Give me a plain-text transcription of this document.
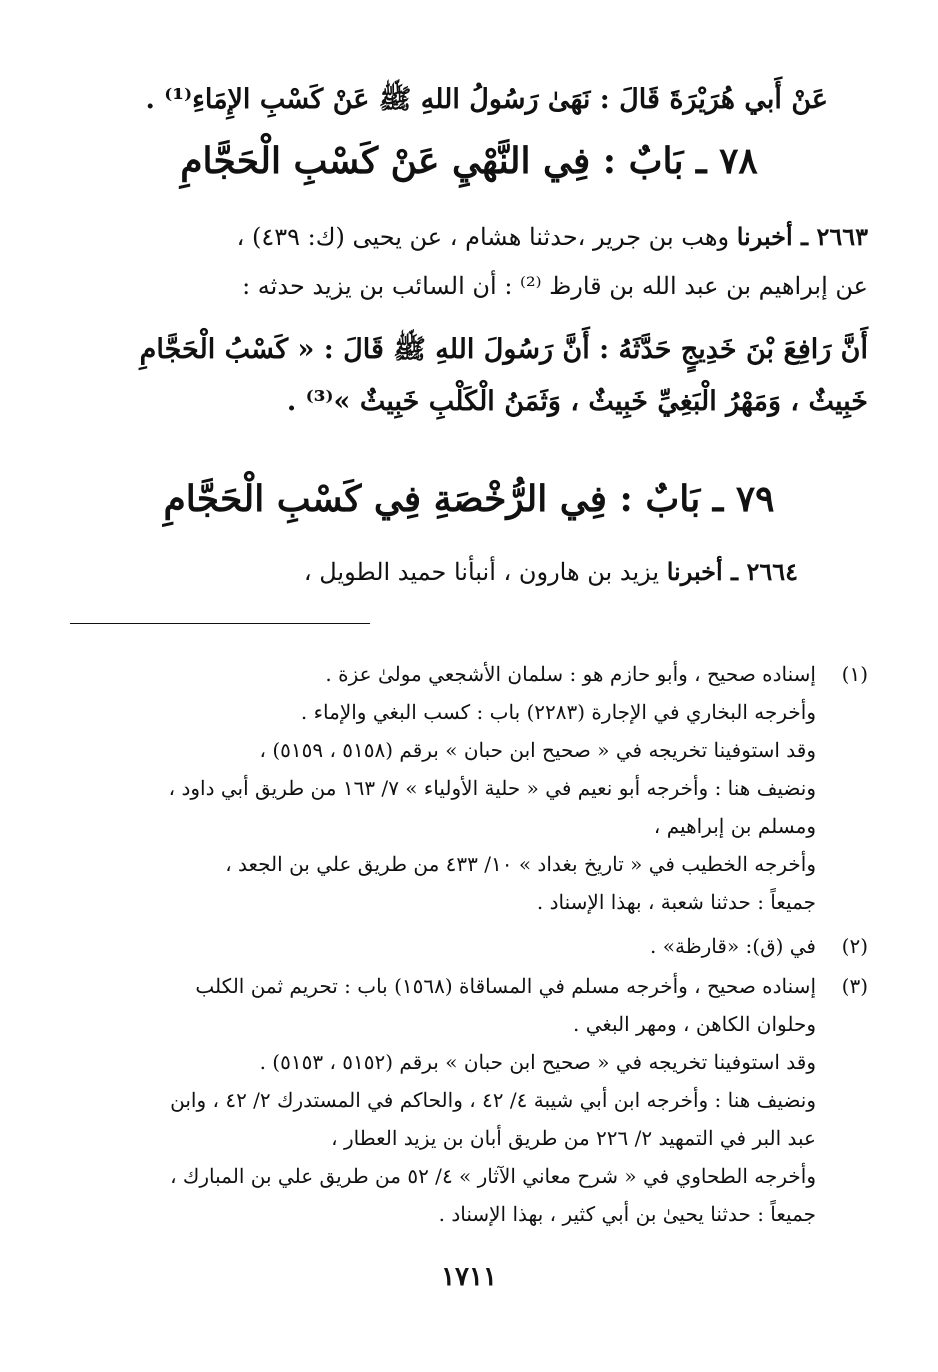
عَنْ أَبي هُرَيْرَةَ قَالَ : نَهَىٰ رَسُولُ اللهِ ﷺ عَنْ كَسْبِ الإِمَاءِ⁽¹⁾ .
٧٨ ـ بَابٌ : فِي النَّهْيِ عَنْ كَسْبِ الْحَجَّامِ
٢٦٦٣ ـ أخبرنا وهب بن جرير ،حدثنا هشام ، عن يحيى (ك: ٤٣٩) ،
عن إبراهيم بن عبد الله بن قارظ ⁽²⁾ : أن السائب بن يزيد حدثه :
أَنَّ رَافِعَ بْنَ خَدِيجٍ حَدَّثَهُ : أَنَّ رَسُولَ اللهِ ﷺ قَالَ : « كَسْبُ الْحَجَّامِ
خَبِيثٌ ، وَمَهْرُ الْبَغِيِّ خَبِيثٌ ، وَثَمَنُ الْكَلْبِ خَبِيثٌ »⁽³⁾ .
٧٩ ـ بَابٌ : فِي الرُّخْصَةِ فِي كَسْبِ الْحَجَّامِ
٢٦٦٤ ـ أخبرنا يزيد بن هارون ، أنبأنا حميد الطويل ،
(١)
إسناده صحيح ، وأبو حازم هو : سلمان الأشجعي مولىٰ عزة .
وأخرجه البخاري في الإجارة (٢٢٨٣) باب : كسب البغي والإماء .
وقد استوفينا تخريجه في « صحيح ابن حبان » برقم (٥١٥٨ ، ٥١٥٩) ،
ونضيف هنا : وأخرجه أبو نعيم في « حلية الأولياء » ٧/ ١٦٣ من طريق أبي داود ،
ومسلم بن إبراهيم ،
وأخرجه الخطيب في « تاريخ بغداد » ١٠/ ٤٣٣ من طريق علي بن الجعد ،
جميعاً : حدثنا شعبة ، بهذا الإسناد .
(٢)
في (ق): «قارظة» .
(٣)
إسناده صحيح ، وأخرجه مسلم في المساقاة (١٥٦٨) باب : تحريم ثمن الكلب
وحلوان الكاهن ، ومهر البغي .
وقد استوفينا تخريجه في « صحيح ابن حبان » برقم (٥١٥٢ ، ٥١٥٣) .
ونضيف هنا : وأخرجه ابن أبي شيبة ٤/ ٤٢ ، والحاكم في المستدرك ٢/ ٤٢ ، وابن
عبد البر في التمهيد ٢/ ٢٢٦ من طريق أبان بن يزيد العطار ،
وأخرجه الطحاوي في « شرح معاني الآثار » ٤/ ٥٢ من طريق علي بن المبارك ،
جميعاً : حدثنا يحيىٰ بن أبي كثير ، بهذا الإسناد .
١٧١١
